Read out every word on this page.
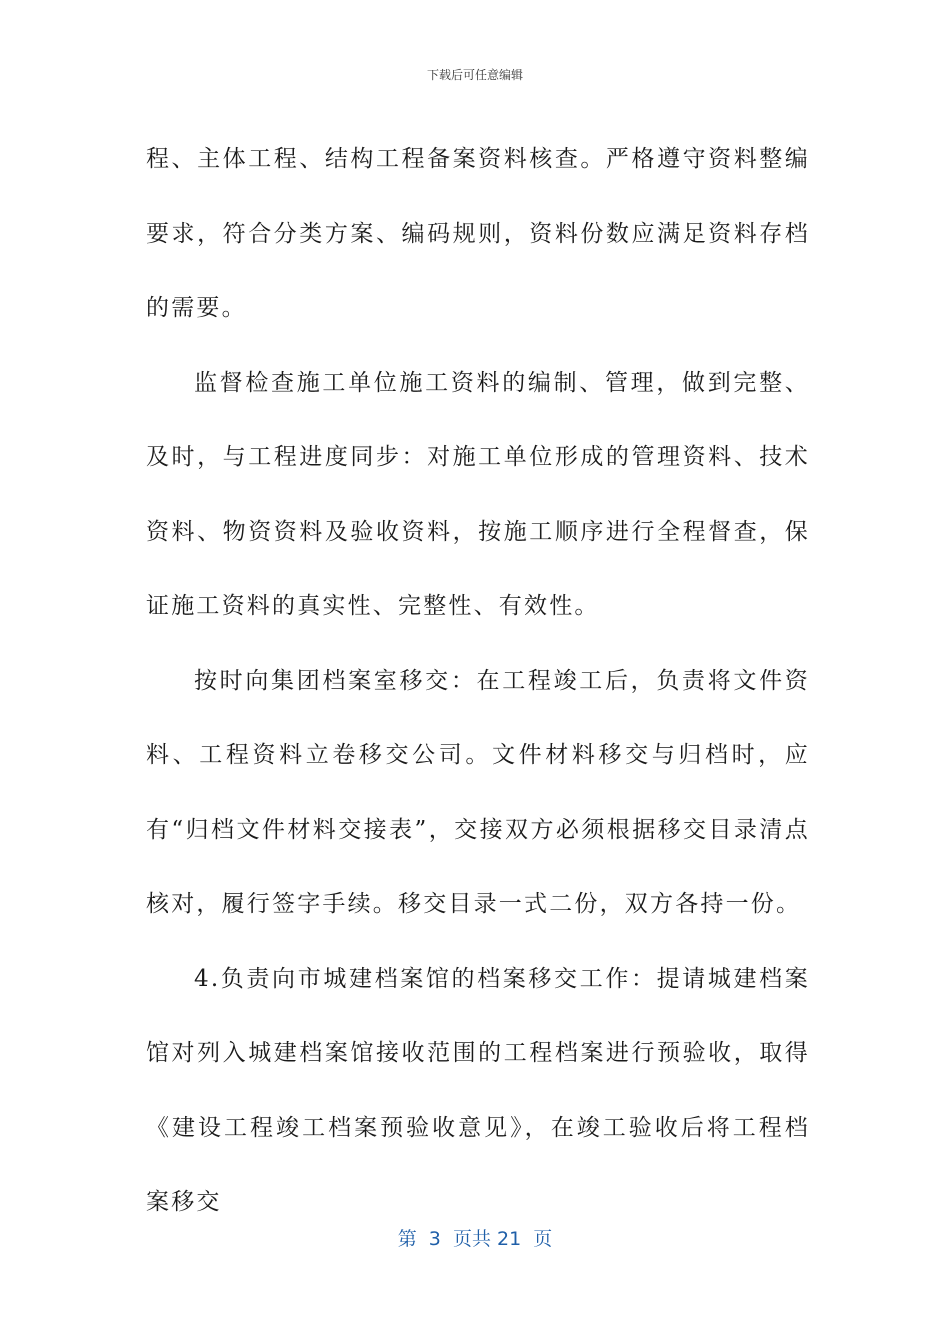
下载后可任意编辑

程、主体工程、结构工程备案资料核查。严格遵守资料整编要求，符合分类方案、编码规则，资料份数应满足资料存档的需要。

监督检查施工单位施工资料的编制、管理，做到完整、及时，与工程进度同步：对施工单位形成的管理资料、技术资料、物资资料及验收资料，按施工顺序进行全程督查，保证施工资料的真实性、完整性、有效性。

按时向集团档案室移交：在工程竣工后，负责将文件资料、工程资料立卷移交公司。文件材料移交与归档时，应有“归档文件材料交接表”，交接双方必须根据移交目录清点核对，履行签字手续。移交目录一式二份，双方各持一份。

4.负责向市城建档案馆的档案移交工作：提请城建档案馆对列入城建档案馆接收范围的工程档案进行预验收，取得《建设工程竣工档案预验收意见》，在竣工验收后将工程档案移交

第  3  页共 21  页
